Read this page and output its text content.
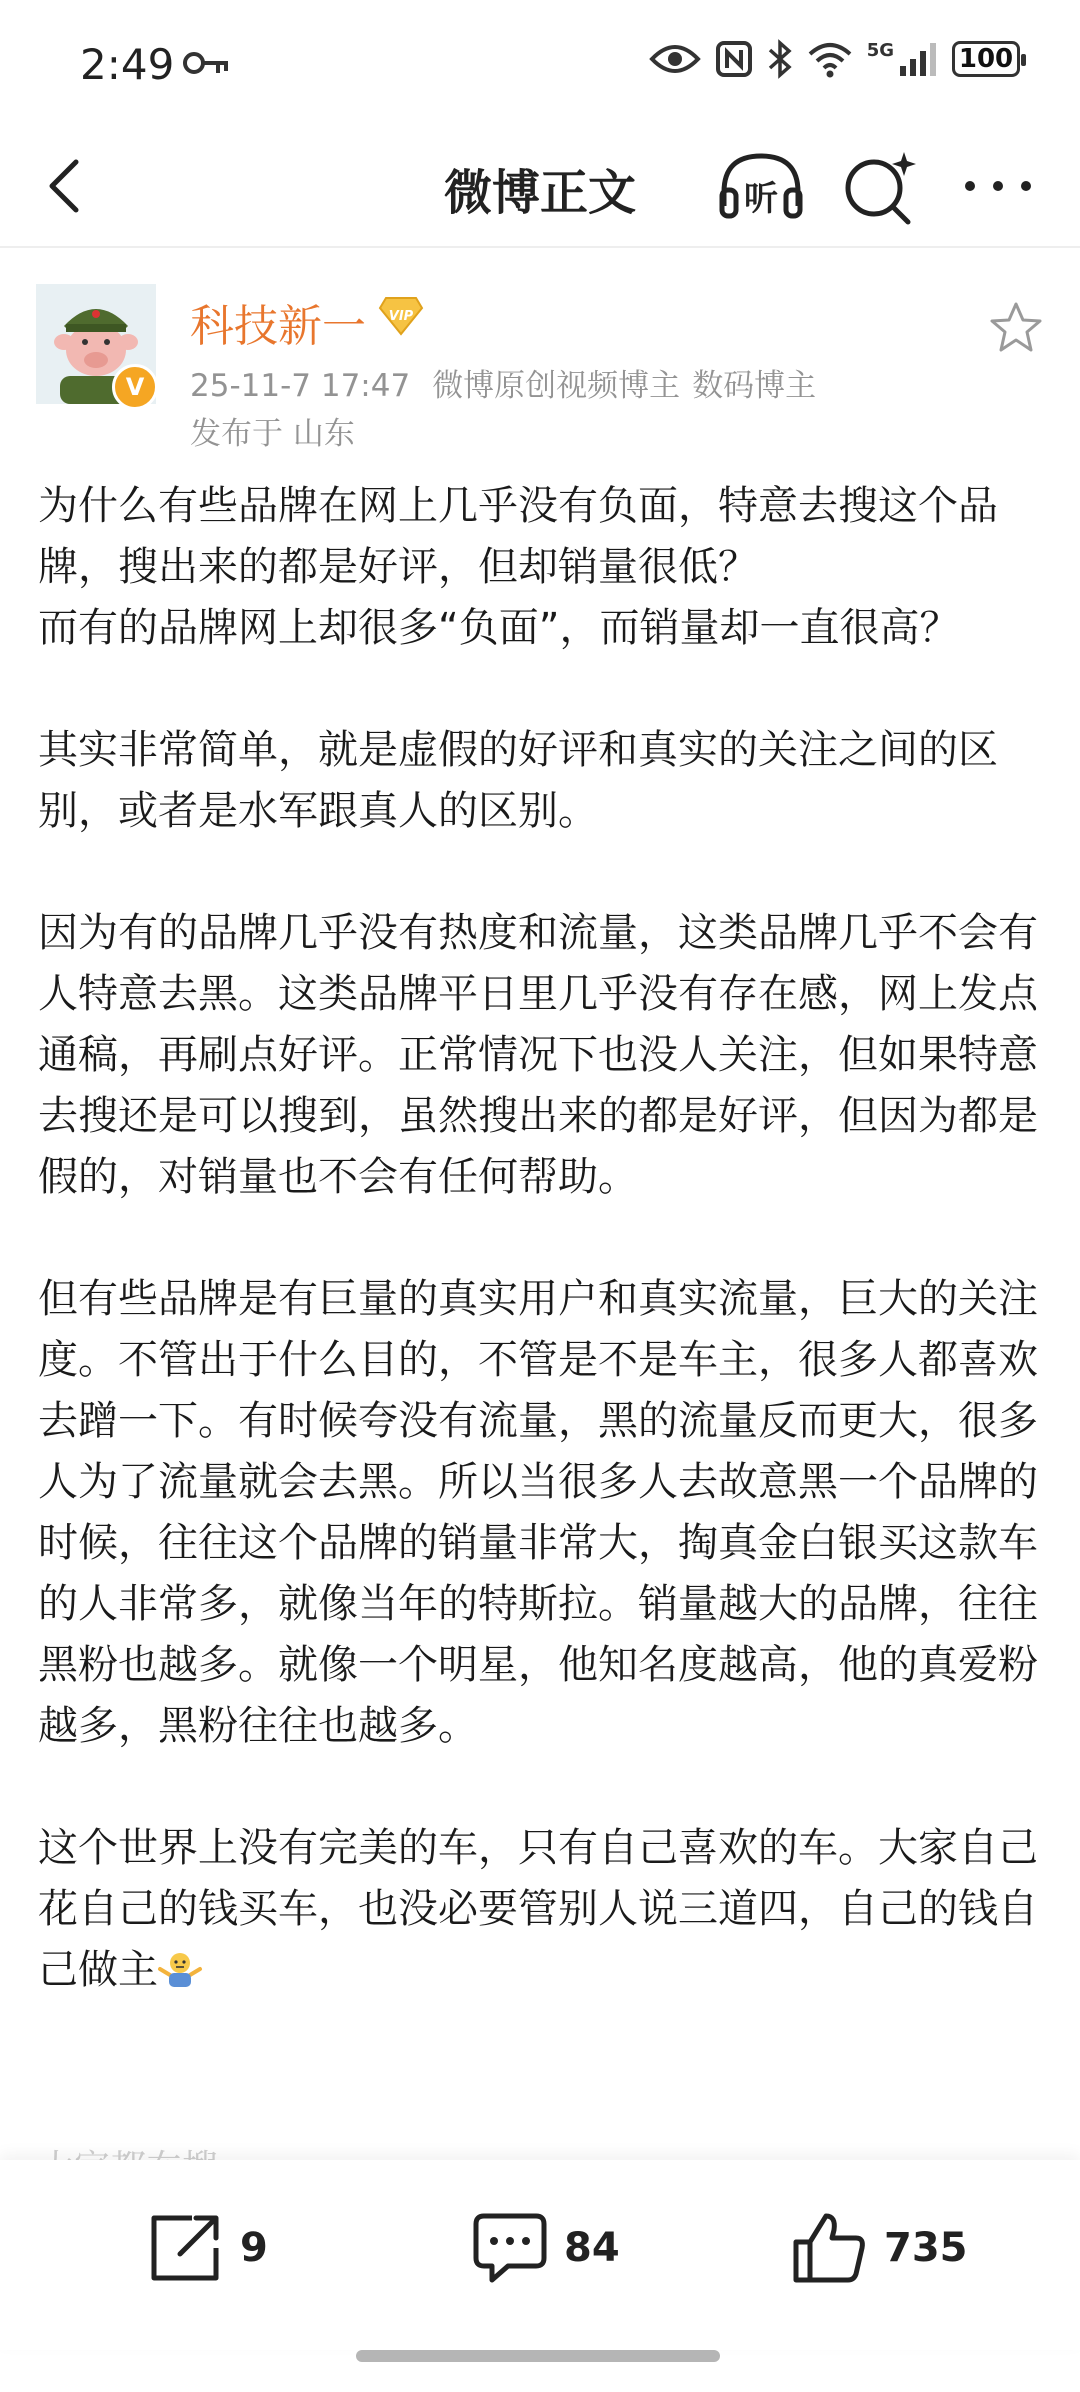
2:49	5G 100
微博正文	听
V
科技新一 VIP
25-11-7 17:47 微博原创视频博主 数码博主
发布于 山东

为什么有些品牌在网上几乎没有负面，特意去搜这个品牌，搜出来的都是好评，但却销量很低？
而有的品牌网上却很多“负面”，而销量却一直很高？

其实非常简单，就是虚假的好评和真实的关注之间的区别，或者是水军跟真人的区别。

因为有的品牌几乎没有热度和流量，这类品牌几乎不会有人特意去黑。这类品牌平日里几乎没有存在感，网上发点通稿，再刷点好评。正常情况下也没人关注，但如果特意去搜还是可以搜到，虽然搜出来的都是好评，但因为都是假的，对销量也不会有任何帮助。

但有些品牌是有巨量的真实用户和真实流量，巨大的关注度。不管出于什么目的，不管是不是车主，很多人都喜欢去蹭一下。有时候夸没有流量，黑的流量反而更大，很多人为了流量就会去黑。所以当很多人去故意黑一个品牌的时候，往往这个品牌的销量非常大，掏真金白银买这款车的人非常多，就像当年的特斯拉。销量越大的品牌，往往黑粉也越多。就像一个明星，他知名度越高，他的真爱粉越多，黑粉往往也越多。

这个世界上没有完美的车，只有自己喜欢的车。大家自己花自己的钱买车，也没必要管别人说三道四，自己的钱自己做主

9	84	735
